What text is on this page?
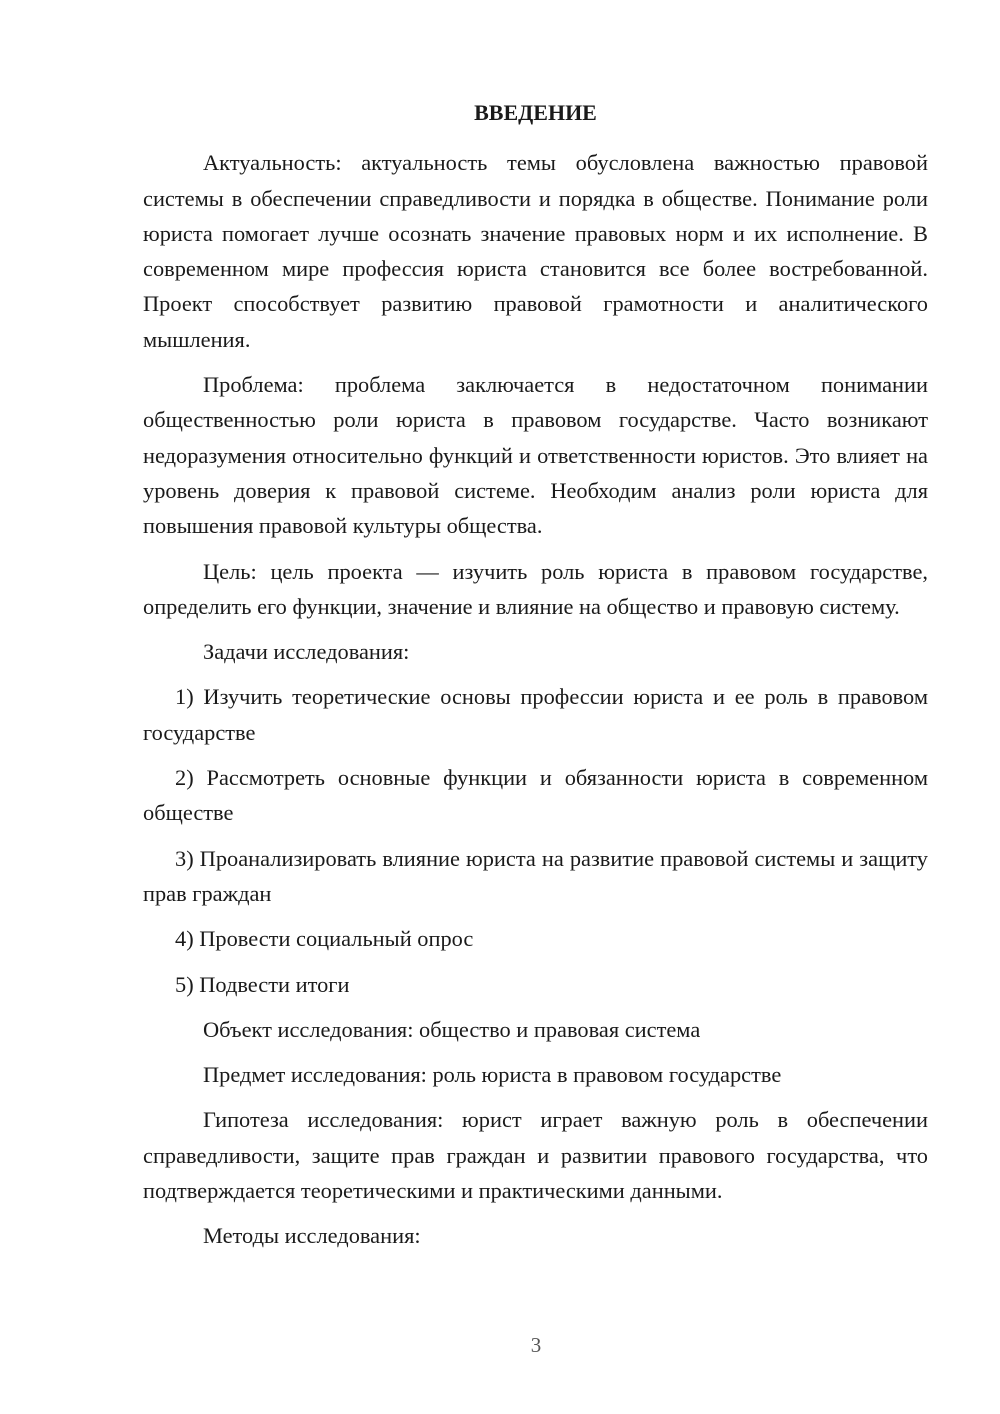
ВВЕДЕНИЕ

Актуальность: актуальность темы обусловлена важностью правовой системы в обеспечении справедливости и порядка в обществе. Понимание роли юриста помогает лучше осознать значение правовых норм и их исполнение. В современном мире профессия юриста становится все более востребованной. Проект способствует развитию правовой грамотности и аналитического мышления.

Проблема: проблема заключается в недостаточном понимании общественностью роли юриста в правовом государстве. Часто возникают недоразумения относительно функций и ответственности юристов. Это влияет на уровень доверия к правовой системе. Необходим анализ роли юриста для повышения правовой культуры общества.

Цель: цель проекта — изучить роль юриста в правовом государстве, определить его функции, значение и влияние на общество и правовую систему.

Задачи исследования:

1) Изучить теоретические основы профессии юриста и ее роль в правовом государстве

2) Рассмотреть основные функции и обязанности юриста в современном обществе

3) Проанализировать влияние юриста на развитие правовой системы и защиту прав граждан

4) Провести социальный опрос

5) Подвести итоги

Объект исследования: общество и правовая система

Предмет исследования: роль юриста в правовом государстве

Гипотеза исследования: юрист играет важную роль в обеспечении справедливости, защите прав граждан и развитии правового государства, что подтверждается теоретическими и практическими данными.

Методы исследования:

3
